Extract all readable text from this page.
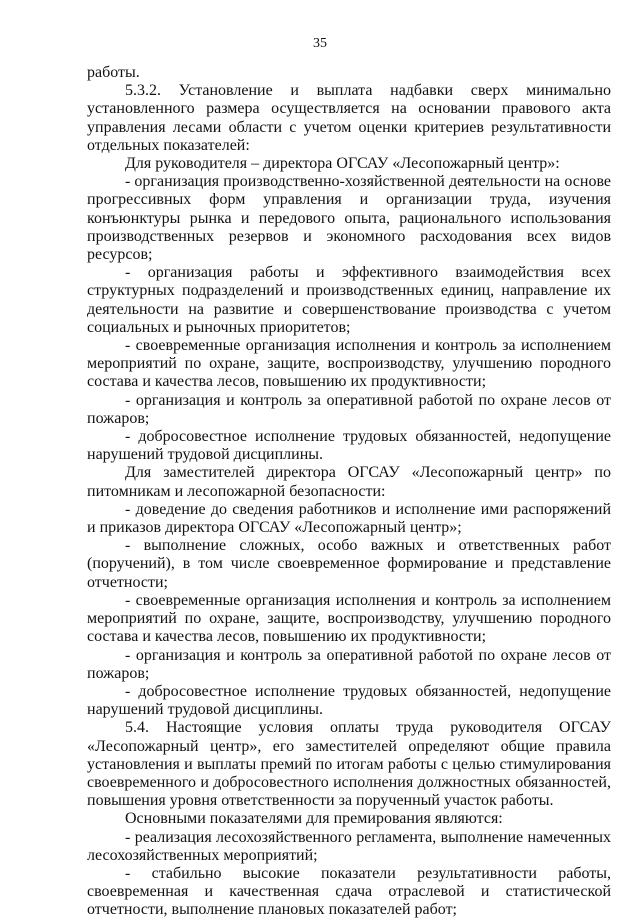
35

работы.

5.3.2. Установление и выплата надбавки сверх минимально установленного размера осуществляется на основании правового акта управления лесами области с учетом оценки критериев результативности отдельных показателей:

Для руководителя – директора ОГСАУ «Лесопожарный центр»:

- организация производственно-хозяйственной деятельности на основе прогрессивных форм управления и организации труда, изучения конъюнктуры рынка и передового опыта, рационального использования производственных резервов и экономного расходования всех видов ресурсов;

- организация работы и эффективного взаимодействия всех структурных подразделений и производственных единиц, направление их деятельности на развитие и совершенствование производства с учетом социальных и рыночных приоритетов;

- своевременные организация исполнения и контроль за исполнением мероприятий по охране, защите, воспроизводству, улучшению породного состава и качества лесов, повышению их продуктивности;

- организация и контроль за оперативной работой по охране лесов от пожаров;

- добросовестное исполнение трудовых обязанностей, недопущение нарушений трудовой дисциплины.

Для заместителей директора ОГСАУ «Лесопожарный центр» по питомникам и лесопожарной безопасности:

- доведение до сведения работников и исполнение ими распоряжений и приказов директора ОГСАУ «Лесопожарный центр»;

- выполнение сложных, особо важных и ответственных работ (поручений), в том числе своевременное формирование и представление отчетности;

- своевременные организация исполнения и контроль за исполнением мероприятий по охране, защите, воспроизводству, улучшению породного состава и качества лесов, повышению их продуктивности;

- организация и контроль за оперативной работой по охране лесов от пожаров;

- добросовестное исполнение трудовых обязанностей, недопущение нарушений трудовой дисциплины.

5.4. Настоящие условия оплаты труда руководителя ОГСАУ «Лесопожарный центр», его заместителей определяют общие правила установления и выплаты премий по итогам работы с целью стимулирования своевременного и добросовестного исполнения должностных обязанностей, повышения уровня ответственности за порученный участок работы.

Основными показателями для премирования являются:

- реализация лесохозяйственного регламента, выполнение намеченных лесохозяйственных мероприятий;

- стабильно высокие показатели результативности работы, своевременная и качественная сдача отраслевой и статистической отчетности, выполнение плановых показателей работ;
